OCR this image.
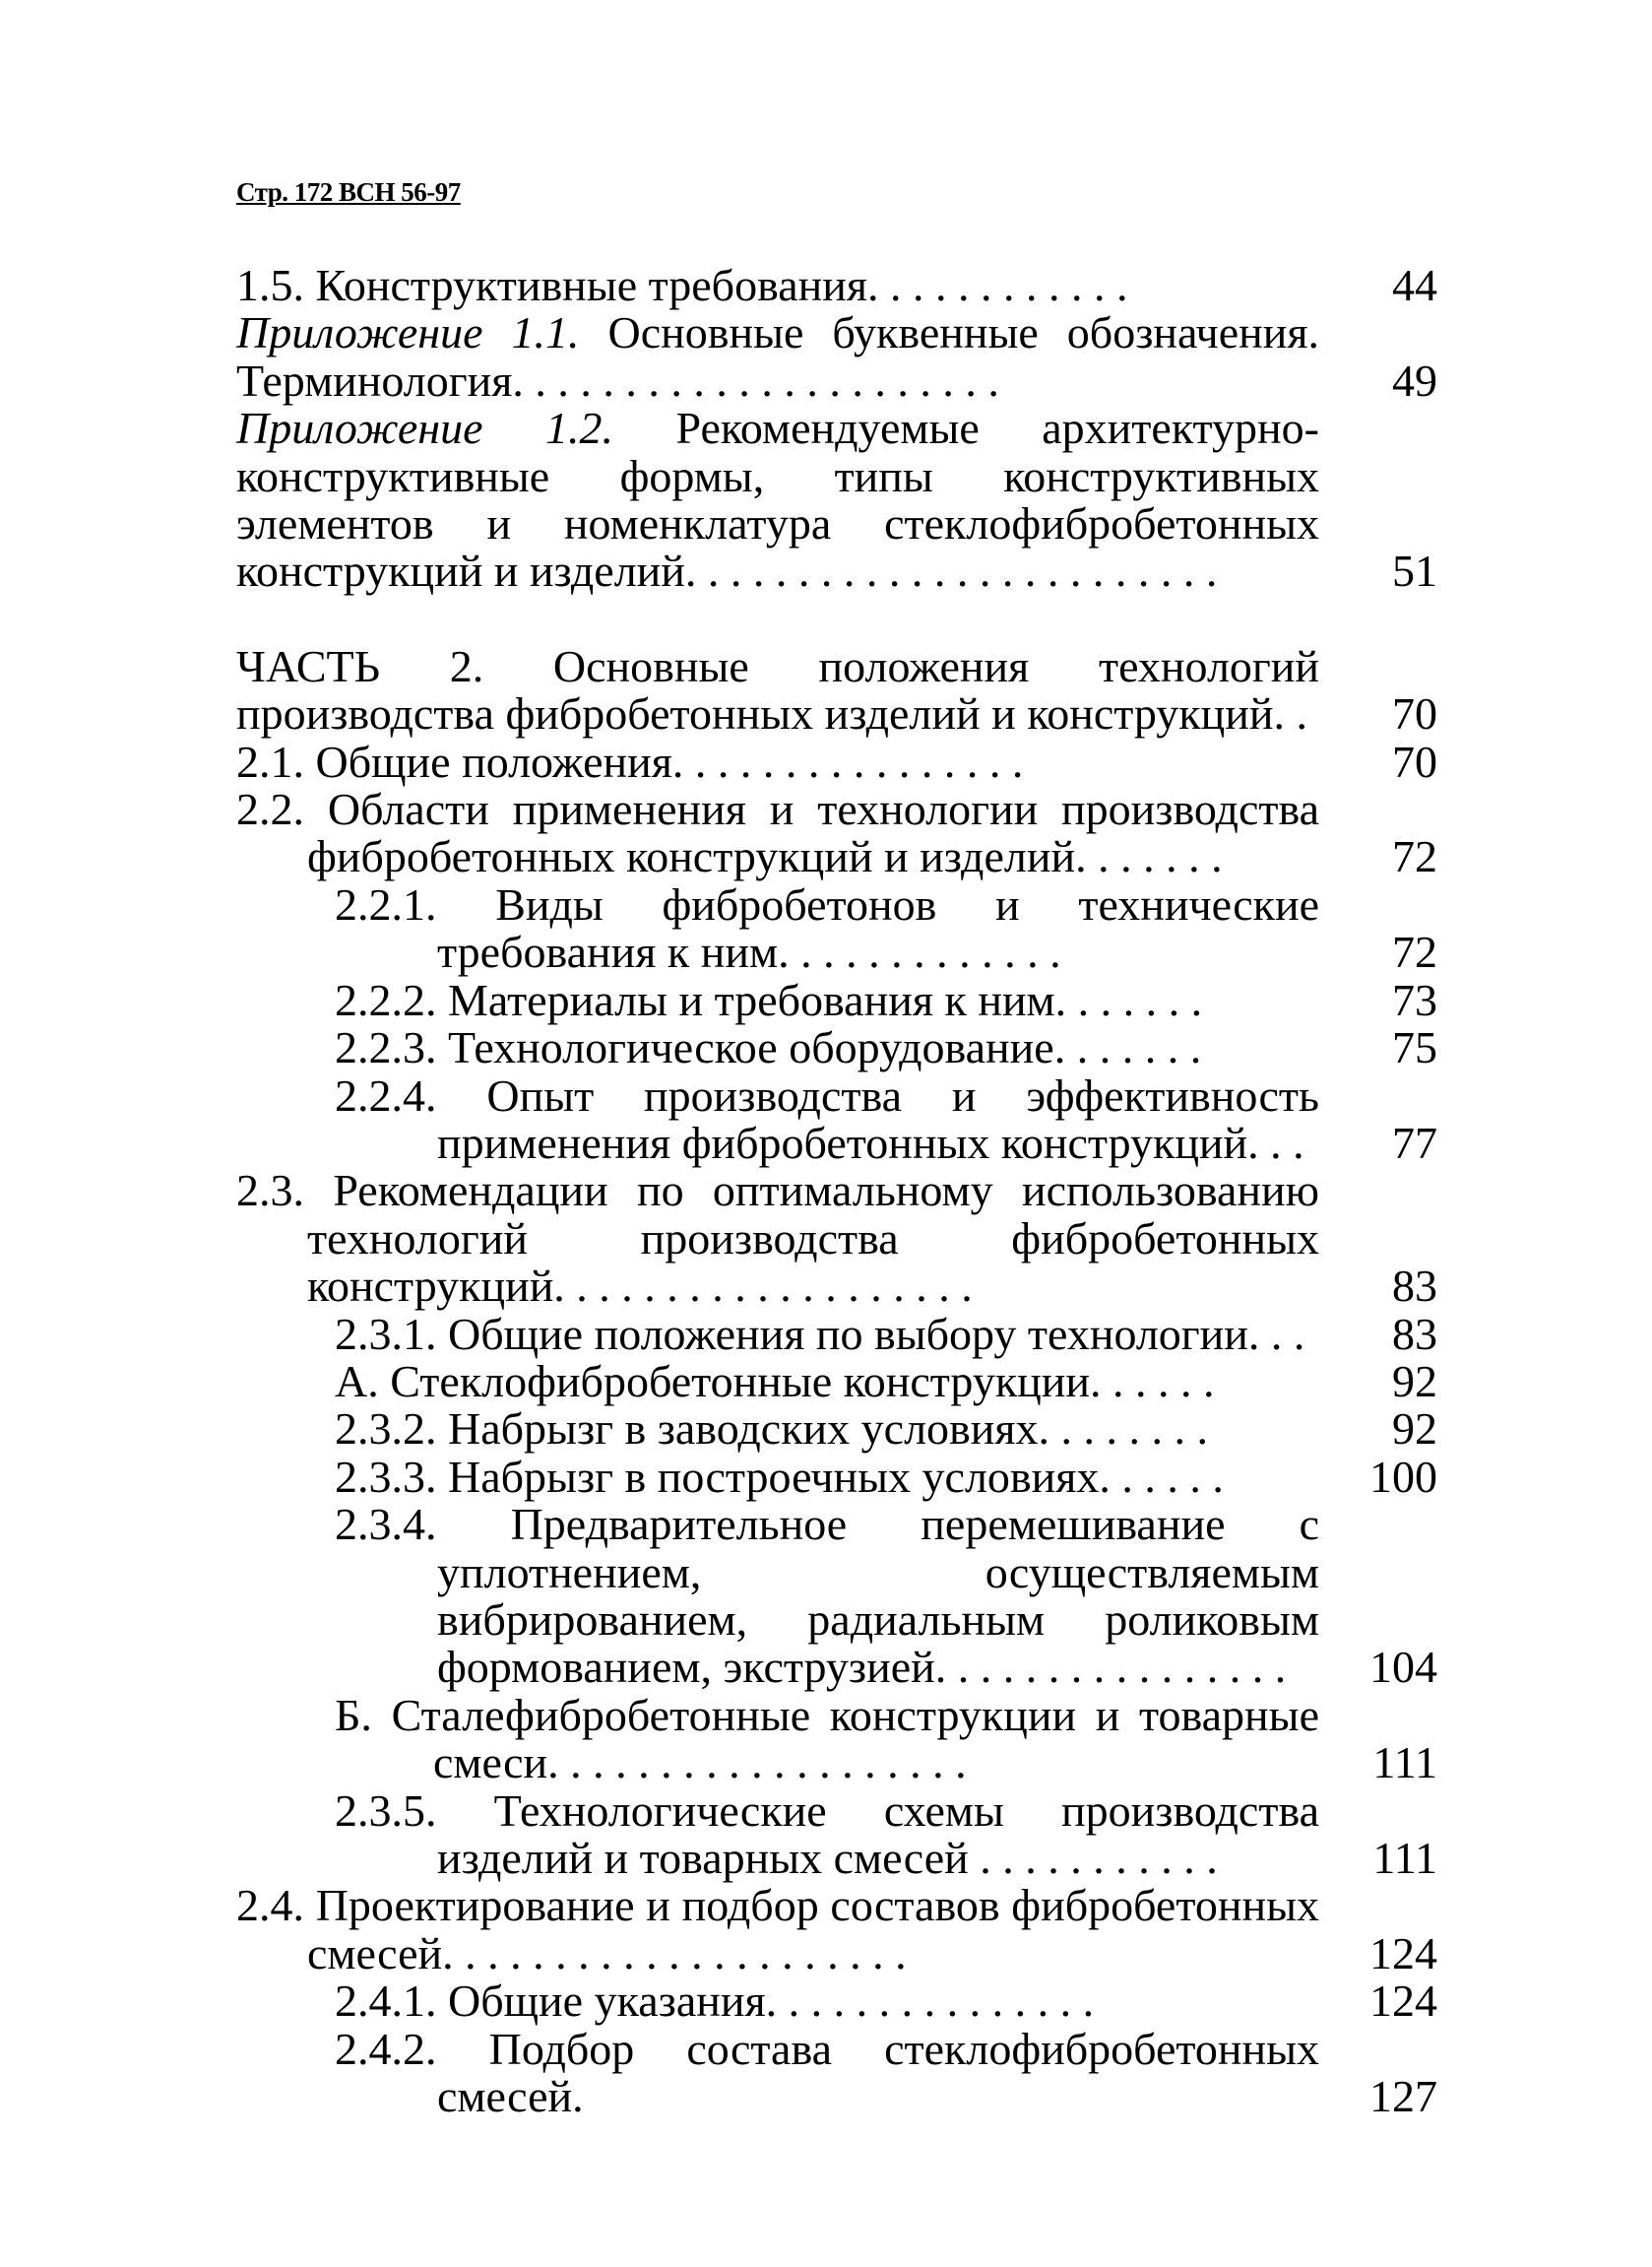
Стр. 172 ВСН 56-97
1.5. Конструктивные требования. . . . . . . . . . . .	44
Приложение 1.1. Основные буквенные обозначения. Терминология. . . . . . . . . . . . . . . . . . . . . .	49
Приложение 1.2. Рекомендуемые архитектурно-конструктивные формы, типы конструктивных элементов и номенклатура стеклофибробетонных конструкций и изделий. . . . . . . . . . . . . . . . . . . . . . . .	51
ЧАСТЬ 2. Основные положения технологий производства фибробетонных изделий и конструкций. .	70
2.1. Общие положения. . . . . . . . . . . . . . . .	70
2.2. Области применения и технологии производства фибробетонных конструкций и изделий. . . . . . .	72
2.2.1. Виды фибробетонов и технические требования к ним. . . . . . . . . . . . .	72
2.2.2. Материалы и требования к ним. . . . . . .	73
2.2.3. Технологическое оборудование. . . . . . .	75
2.2.4. Опыт производства и эффективность применения фибробетонных конструкций. . .	77
2.3. Рекомендации по оптимальному использованию технологий производства фибробетонных конструкций. . . . . . . . . . . . . . . . . . .	83
2.3.1. Общие положения по выбору технологии. . .	83
А. Стеклофибробетонные конструкции. . . . . .	92
2.3.2. Набрызг в заводских условиях. . . . . . . .	92
2.3.3. Набрызг в построечных условиях. . . . . .	100
2.3.4. Предварительное перемешивание с уплотнением, осуществляемым вибрированием, радиальным роликовым формованием, экструзией. . . . . . . . . . . . . . . .	104
Б. Сталефибробетонные конструкции и товарные смеси. . . . . . . . . . . . . . . . . . .	111
2.3.5. Технологические схемы производства изделий и товарных смесей . . . . . . . . . . .	111
2.4. Проектирование и подбор составов фибробетонных смесей. . . . . . . . . . . . . . . . . . . . .	124
2.4.1. Общие указания. . . . . . . . . . . . . . .	124
2.4.2. Подбор состава стеклофибробетонных смесей.	127
